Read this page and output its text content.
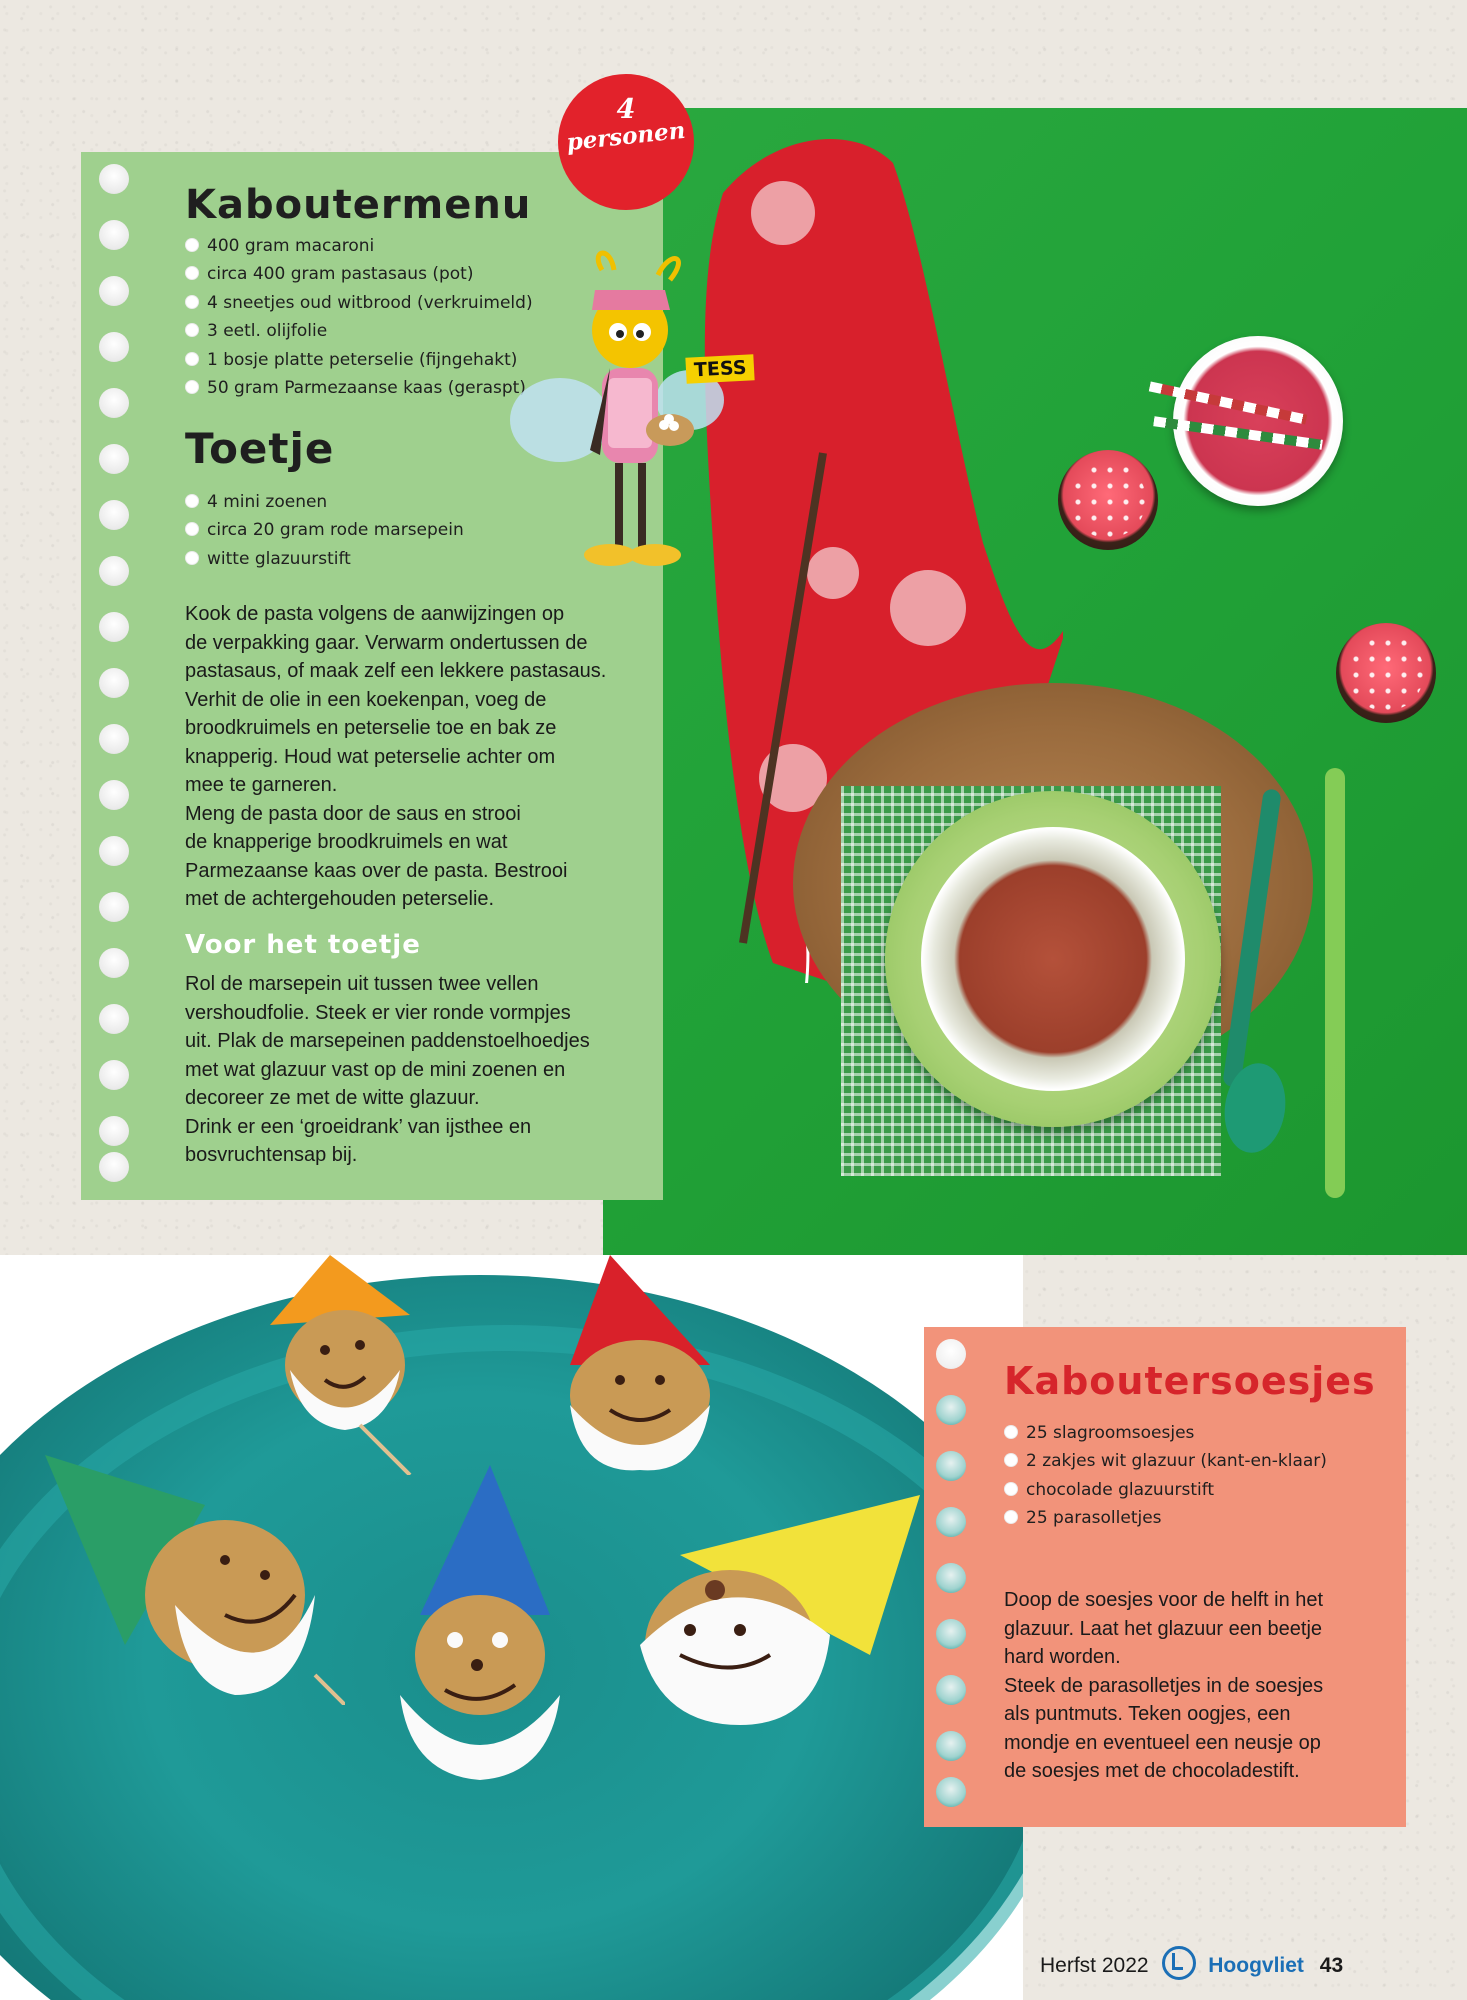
Kaboutermenu
400 gram macaroni
circa 400 gram pastasaus (pot)
4 sneetjes oud witbrood (verkruimeld)
3 eetl. olijfolie
1 bosje platte peterselie (fijngehakt)
50 gram Parmezaanse kaas (geraspt)
Toetje
4 mini zoenen
circa 20 gram rode marsepein
witte glazuurstift

Kook de pasta volgens de aanwijzingen op
de verpakking gaar. Verwarm ondertussen de
pastasaus, of maak zelf een lekkere pastasaus.
Verhit de olie in een koekenpan, voeg de
broodkruimels en peterselie toe en bak ze
knapperig. Houd wat peterselie achter om
mee te garneren.
Meng de pasta door de saus en strooi
de knapperige broodkruimels en wat
Parmezaanse kaas over de pasta. Bestrooi
met de achtergehouden peterselie.

Voor het toetje

Rol de marsepein uit tussen twee vellen
vershoudfolie. Steek er vier ronde vormpjes
uit. Plak de marsepeinen paddenstoelhoedjes
met wat glazuur vast op de mini zoenen en
decoreer ze met de witte glazuur.
Drink er een ‘groeidrank’ van ijsthee en
bosvruchtensap bij.

4
personen
TESS
Kaboutersoesjes
25 slagroomsoesjes
2 zakjes wit glazuur (kant-en-klaar)
chocolade glazuurstift
25 parasolletjes

Doop de soesjes voor de helft in het
glazuur. Laat het glazuur een beetje
hard worden.
Steek de parasolletjes in de soesjes
als puntmuts. Teken oogjes, een
mondje en eventueel een neusje op
de soesjes met de chocoladestift.

Herfst 2022	Hoogvliet 43
